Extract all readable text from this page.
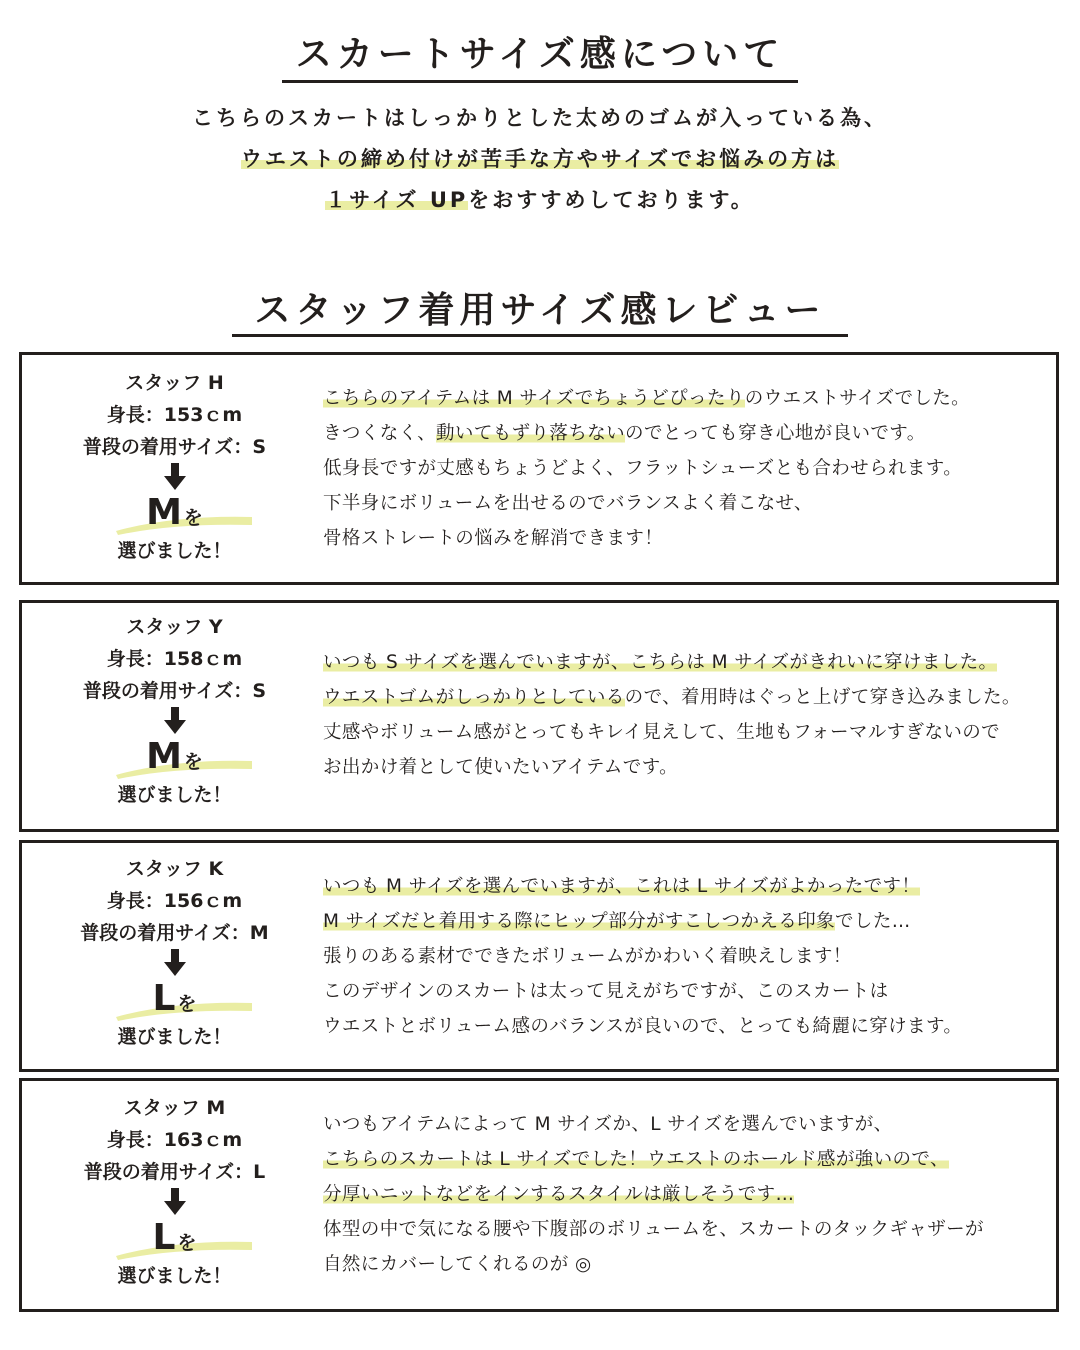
スカートサイズ感について
こちらのスカートはしっかりとした太めのゴムが入っている為、
ウエストの締め付けが苦手な方やサイズでお悩みの方は
１サイズ UPをおすすめしております。
スタッフ着用サイズ感レビュー
スタッフ H
身長：153ｃm
普段の着用サイズ：S
Mを
選びました！
こちらのアイテムは M サイズでちょうどぴったりのウエストサイズでした。
きつくなく、動いてもずり落ちないのでとっても穿き心地が良いです。
低身長ですが丈感もちょうどよく、フラットシューズとも合わせられます。
下半身にボリュームを出せるのでバランスよく着こなせ、
骨格ストレートの悩みを解消できます！
スタッフ Y
身長：158ｃm
普段の着用サイズ：S
Mを
選びました！
いつも S サイズを選んでいますが、こちらは M サイズがきれいに穿けました。
ウエストゴムがしっかりとしているので、着用時はぐっと上げて穿き込みました。
丈感やボリューム感がとってもキレイ見えして、生地もフォーマルすぎないので
お出かけ着として使いたいアイテムです。
スタッフ K
身長：156ｃm
普段の着用サイズ：M
Lを
選びました！
いつも M サイズを選んでいますが、これは L サイズがよかったです！
M サイズだと着用する際にヒップ部分がすこしつかえる印象でした…
張りのある素材でできたボリュームがかわいく着映えします！
このデザインのスカートは太って見えがちですが、このスカートは
ウエストとボリューム感のバランスが良いので、とっても綺麗に穿けます。
スタッフ M
身長：163ｃm
普段の着用サイズ：L
Lを
選びました！
いつもアイテムによって M サイズか、L サイズを選んでいますが、
こちらのスカートは L サイズでした！ウエストのホールド感が強いので、
分厚いニットなどをインするスタイルは厳しそうです…
体型の中で気になる腰や下腹部のボリュームを、スカートのタックギャザーが
自然にカバーしてくれるのが ◎
